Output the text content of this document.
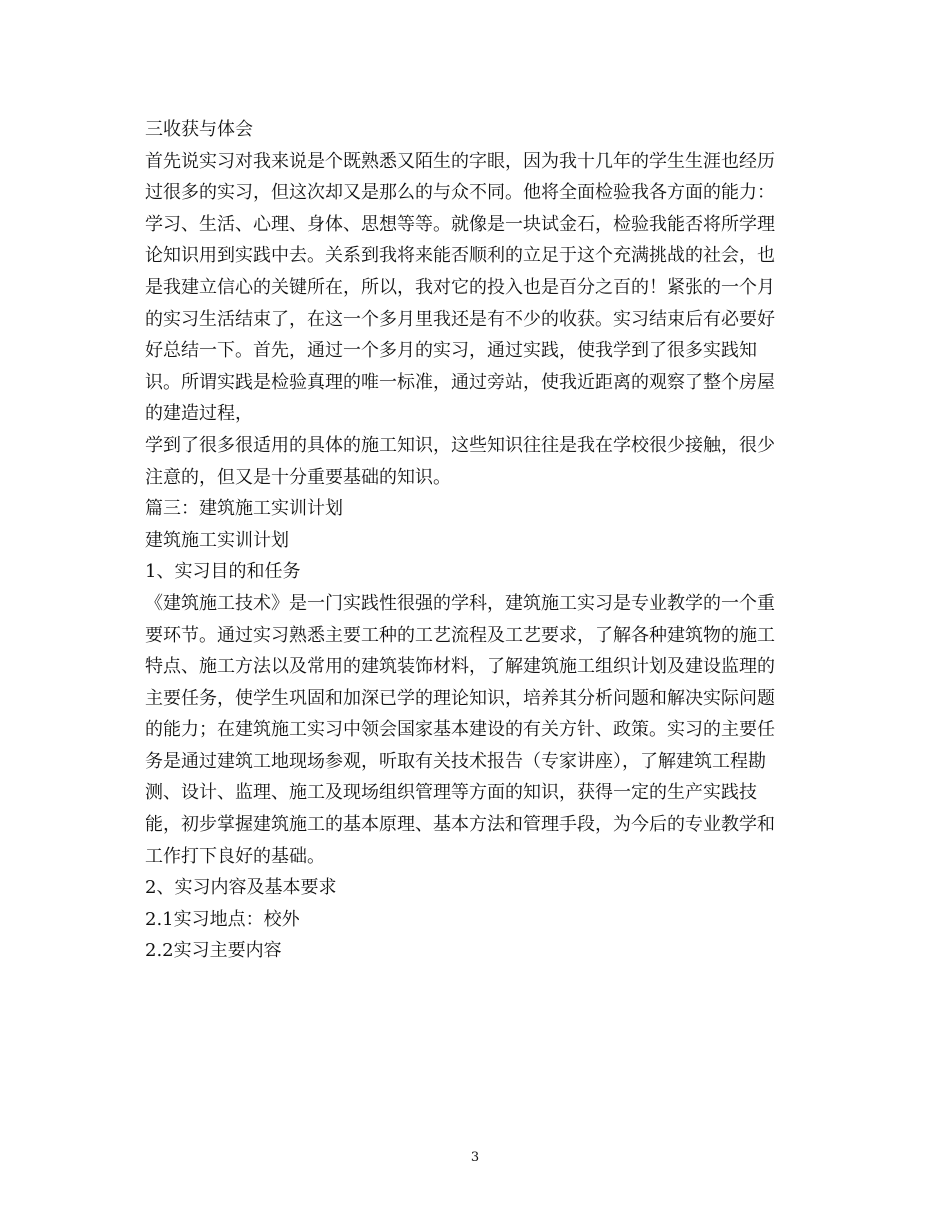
三收获与体会
首先说实习对我来说是个既熟悉又陌生的字眼，因为我十几年的学生生涯也经历
过很多的实习，但这次却又是那么的与众不同。他将全面检验我各方面的能力：
学习、生活、心理、身体、思想等等。就像是一块试金石，检验我能否将所学理
论知识用到实践中去。关系到我将来能否顺利的立足于这个充满挑战的社会，也
是我建立信心的关键所在，所以，我对它的投入也是百分之百的！紧张的一个月
的实习生活结束了，在这一个多月里我还是有不少的收获。实习结束后有必要好
好总结一下。首先，通过一个多月的实习，通过实践，使我学到了很多实践知
识。所谓实践是检验真理的唯一标准，通过旁站，使我近距离的观察了整个房屋
的建造过程，
学到了很多很适用的具体的施工知识，这些知识往往是我在学校很少接触，很少
注意的，但又是十分重要基础的知识。
篇三：建筑施工实训计划
建筑施工实训计划
1、实习目的和任务
《建筑施工技术》是一门实践性很强的学科，建筑施工实习是专业教学的一个重
要环节。通过实习熟悉主要工种的工艺流程及工艺要求，了解各种建筑物的施工
特点、施工方法以及常用的建筑装饰材料，了解建筑施工组织计划及建设监理的
主要任务，使学生巩固和加深已学的理论知识，培养其分析问题和解决实际问题
的能力；在建筑施工实习中领会国家基本建设的有关方针、政策。实习的主要任
务是通过建筑工地现场参观，听取有关技术报告（专家讲座），了解建筑工程勘
测、设计、监理、施工及现场组织管理等方面的知识，获得一定的生产实践技
能，初步掌握建筑施工的基本原理、基本方法和管理手段，为今后的专业教学和
工作打下良好的基础。
2、实习内容及基本要求
2.1实习地点：校外
2.2实习主要内容
3
